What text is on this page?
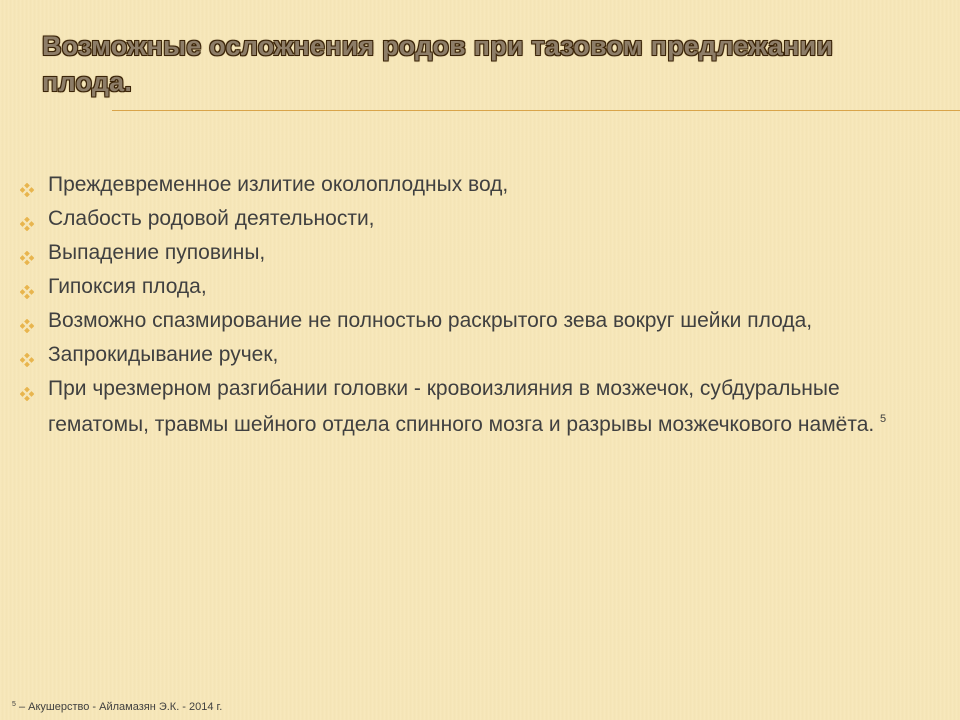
Возможные осложнения родов при тазовом предлежании плода.
Преждевременное излитие околоплодных вод,
Слабость родовой деятельности,
Выпадение пуповины,
Гипоксия плода,
Возможно спазмирование не полностью раскрытого зева вокруг шейки плода,
Запрокидывание ручек,
При чрезмерном разгибании головки - кровоизлияния в мозжечок, субдуральные гематомы, травмы шейного отдела спинного мозга и разрывы мозжечкового намёта. $^5$
$^5$ – Акушерство - Айламазян Э.К. - 2014 г.
